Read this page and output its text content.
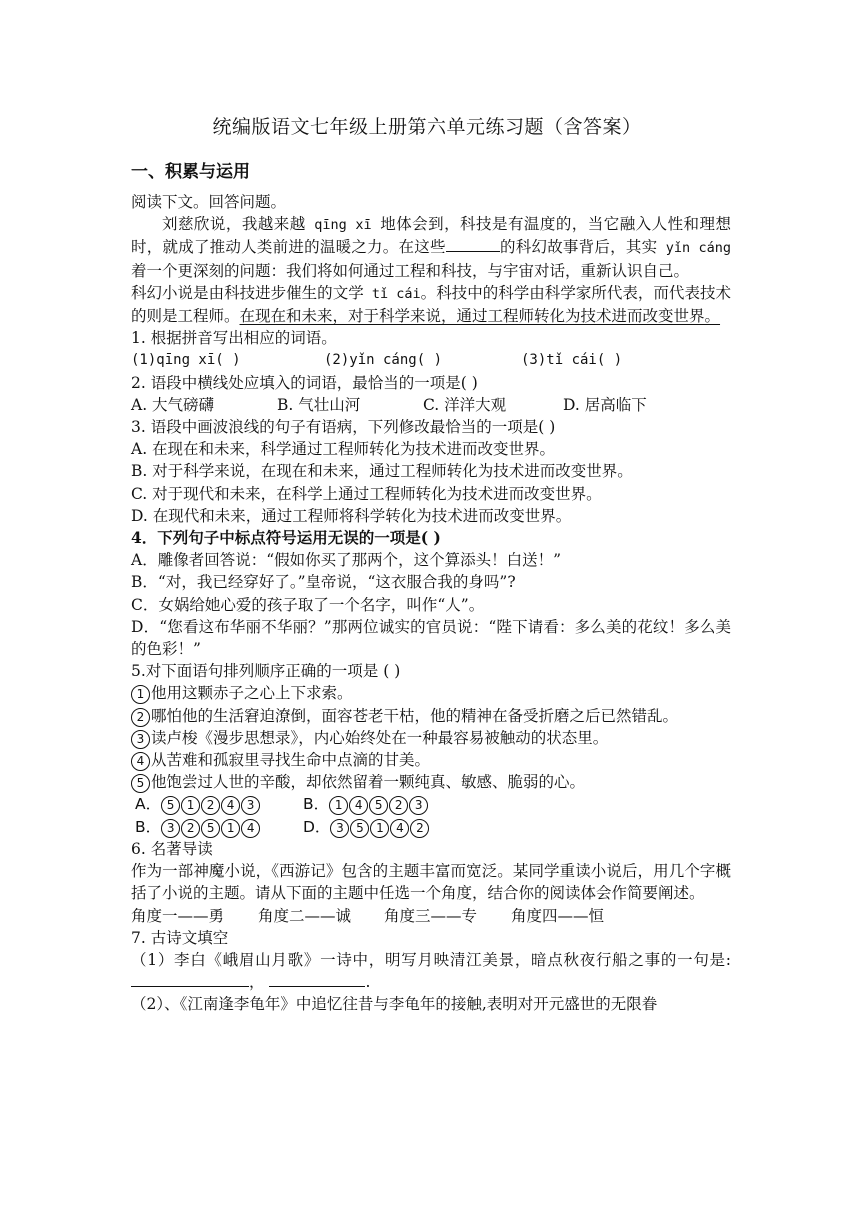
统编版语文七年级上册第六单元练习题（含答案）
一、积累与运用

阅读下文。回答问题。

刘慈欣说，我越来越 qīng xī 地体会到，科技是有温度的，当它融入人性和理想时，就成了推动人类前进的温暖之力。在这些	的科幻故事背后，其实 yǐn cáng 着一个更深刻的问题：我们将如何通过工程和科技，与宇宙对话，重新认识自己。

科幻小说是由科技进步催生的文学 tǐ cái。科技中的科学由科学家所代表，而代表技术的则是工程师。在现在和未来，对于科学来说，通过工程师转化为技术进而改变世界。

1. 根据拼音写出相应的词语。

(1)qīng xī( )	(2)yǐn cáng( )	(3)tǐ cái( )

2. 语段中横线处应填入的词语，最恰当的一项是( )

A. 大气磅礴	B. 气壮山河	C. 洋洋大观	D. 居高临下

3. 语段中画波浪线的句子有语病，下列修改最恰当的一项是( )

A. 在现在和未来，科学通过工程师转化为技术进而改变世界。

B. 对于科学来说，在现在和未来，通过工程师转化为技术进而改变世界。

C. 对于现代和未来，在科学上通过工程师转化为技术进而改变世界。

D. 在现代和未来，通过工程师将科学转化为技术进而改变世界。

4．下列句子中标点符号运用无误的一项是( )

A．雕像者回答说：“假如你买了那两个，这个算添头！白送！”

B．“对，我已经穿好了。”皇帝说，“这衣服合我的身吗”?

C．女娲给她心爱的孩子取了一个名字，叫作“人”。

D．“您看这布华丽不华丽？”那两位诚实的官员说：“陛下请看：多么美的花纹！多么美的色彩！”

5.对下面语句排列顺序正确的一项是 ( )

1 他用这颗赤子之心上下求索。

2 哪怕他的生活窘迫潦倒，面容苍老干枯，他的精神在备受折磨之后已然错乱。

3 读卢梭《漫步思想录》，内心始终处在一种最容易被触动的状态里。

4 从苦难和孤寂里寻找生命中点滴的甘美。

5 他饱尝过人世的辛酸，却依然留着一颗纯真、敏感、脆弱的心。

A． 5 1 2 4 3	B． 1 4 5 2 3
B． 3 2 5 1 4	D． 3 5 1 4 2

6. 名著导读

作为一部神魔小说，《西游记》包含的主题丰富而宽泛。某同学重读小说后，用几个字概括了小说的主题。请从下面的主题中任选一个角度，结合你的阅读体会作简要阐述。

角度一——勇	角度二——诚	角度三——专	角度四——恒

7. 古诗文填空

（1）李白《峨眉山月歌》一诗中，明写月映清江美景，暗点秋夜行船之事的一句是: ，	.

（2）、《江南逢李龟年》中追忆往昔与李龟年的接触,表明对开元盛世的无限眷
